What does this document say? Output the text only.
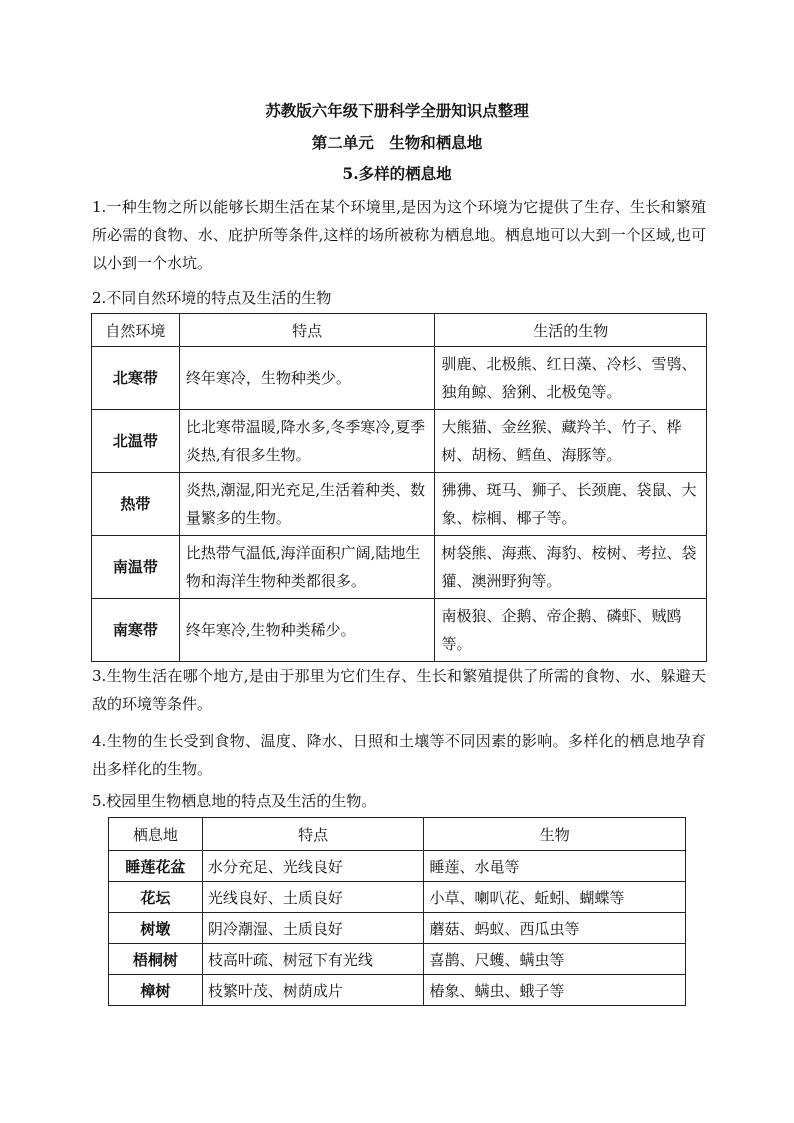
苏教版六年级下册科学全册知识点整理
第二单元　生物和栖息地
5.多样的栖息地
1.一种生物之所以能够长期生活在某个环境里,是因为这个环境为它提供了生存、生长和繁殖所必需的食物、水、庇护所等条件,这样的场所被称为栖息地。栖息地可以大到一个区域,也可以小到一个水坑。
2.不同自然环境的特点及生活的生物
自然环境	特点	生活的生物
北寒带	终年寒冷，生物种类少。	驯鹿、北极熊、红日藻、冷杉、雪鸮、独角鲸、猞猁、北极兔等。
北温带	比北寒带温暖,降水多,冬季寒冷,夏季炎热,有很多生物。	大熊猫、金丝猴、藏羚羊、竹子、桦树、胡杨、鳕鱼、海豚等。
热带	炎热,潮湿,阳光充足,生活着种类、数量繁多的生物。	狒狒、斑马、狮子、长颈鹿、袋鼠、大象、棕榈、椰子等。
南温带	比热带气温低,海洋面积广阔,陆地生物和海洋生物种类都很多。	树袋熊、海燕、海豹、桉树、考拉、袋獾、澳洲野狗等。
南寒带	终年寒冷,生物种类稀少。	南极狼、企鹅、帝企鹅、磷虾、贼鸥等。
3.生物生活在哪个地方,是由于那里为它们生存、生长和繁殖提供了所需的食物、水、躲避天敌的环境等条件。
4.生物的生长受到食物、温度、降水、日照和土壤等不同因素的影响。多样化的栖息地孕育出多样化的生物。
5.校园里生物栖息地的特点及生活的生物。
栖息地	特点	生物
睡莲花盆	水分充足、光线良好	睡莲、水黾等
花坛	光线良好、土质良好	小草、喇叭花、蚯蚓、蝴蝶等
树墩	阴冷潮湿、土质良好	蘑菇、蚂蚁、西瓜虫等
梧桐树	枝高叶疏、树冠下有光线	喜鹊、尺蠖、螨虫等
樟树	枝繁叶茂、树荫成片	椿象、螨虫、蛾子等
